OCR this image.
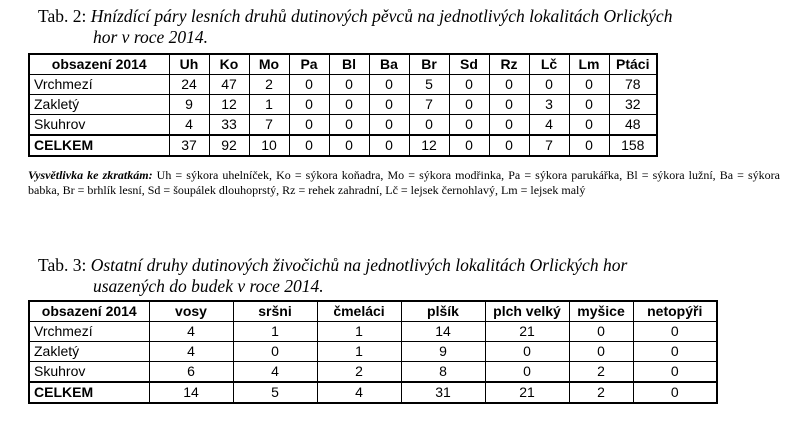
Tab. 2: Hnízdící páry lesních druhů dutinových pěvců na jednotlivých lokalitách Orlických
hor v roce 2014.
obsazení 2014	Uh	Ko	Mo	Pa	Bl	Ba	Br	Sd	Rz	Lč	Lm	Ptáci
Vrchmezí	24	47	2	0	0	0	5	0	0	0	0	78
Zakletý	9	12	1	0	0	0	7	0	0	3	0	32
Skuhrov	4	33	7	0	0	0	0	0	0	4	0	48
CELKEM	37	92	10	0	0	0	12	0	0	7	0	158
Vysvětlivka ke zkratkám: Uh = sýkora uhelníček, Ko = sýkora koňadra, Mo = sýkora modřinka, Pa = sýkora parukářka, Bl = sýkora lužní, Ba = sýkora babka, Br = brhlík lesní, Sd = šoupálek dlouhoprstý, Rz = rehek zahradní, Lč = lejsek černohlavý, Lm = lejsek malý
Tab. 3: Ostatní druhy dutinových živočichů na jednotlivých lokalitách Orlických hor
usazených do budek v roce 2014.
obsazení 2014	vosy	sršni	čmeláci	plšík	plch velký	myšice	netopýři
Vrchmezí	4	1	1	14	21	0	0
Zakletý	4	0	1	9	0	0	0
Skuhrov	6	4	2	8	0	2	0
CELKEM	14	5	4	31	21	2	0
